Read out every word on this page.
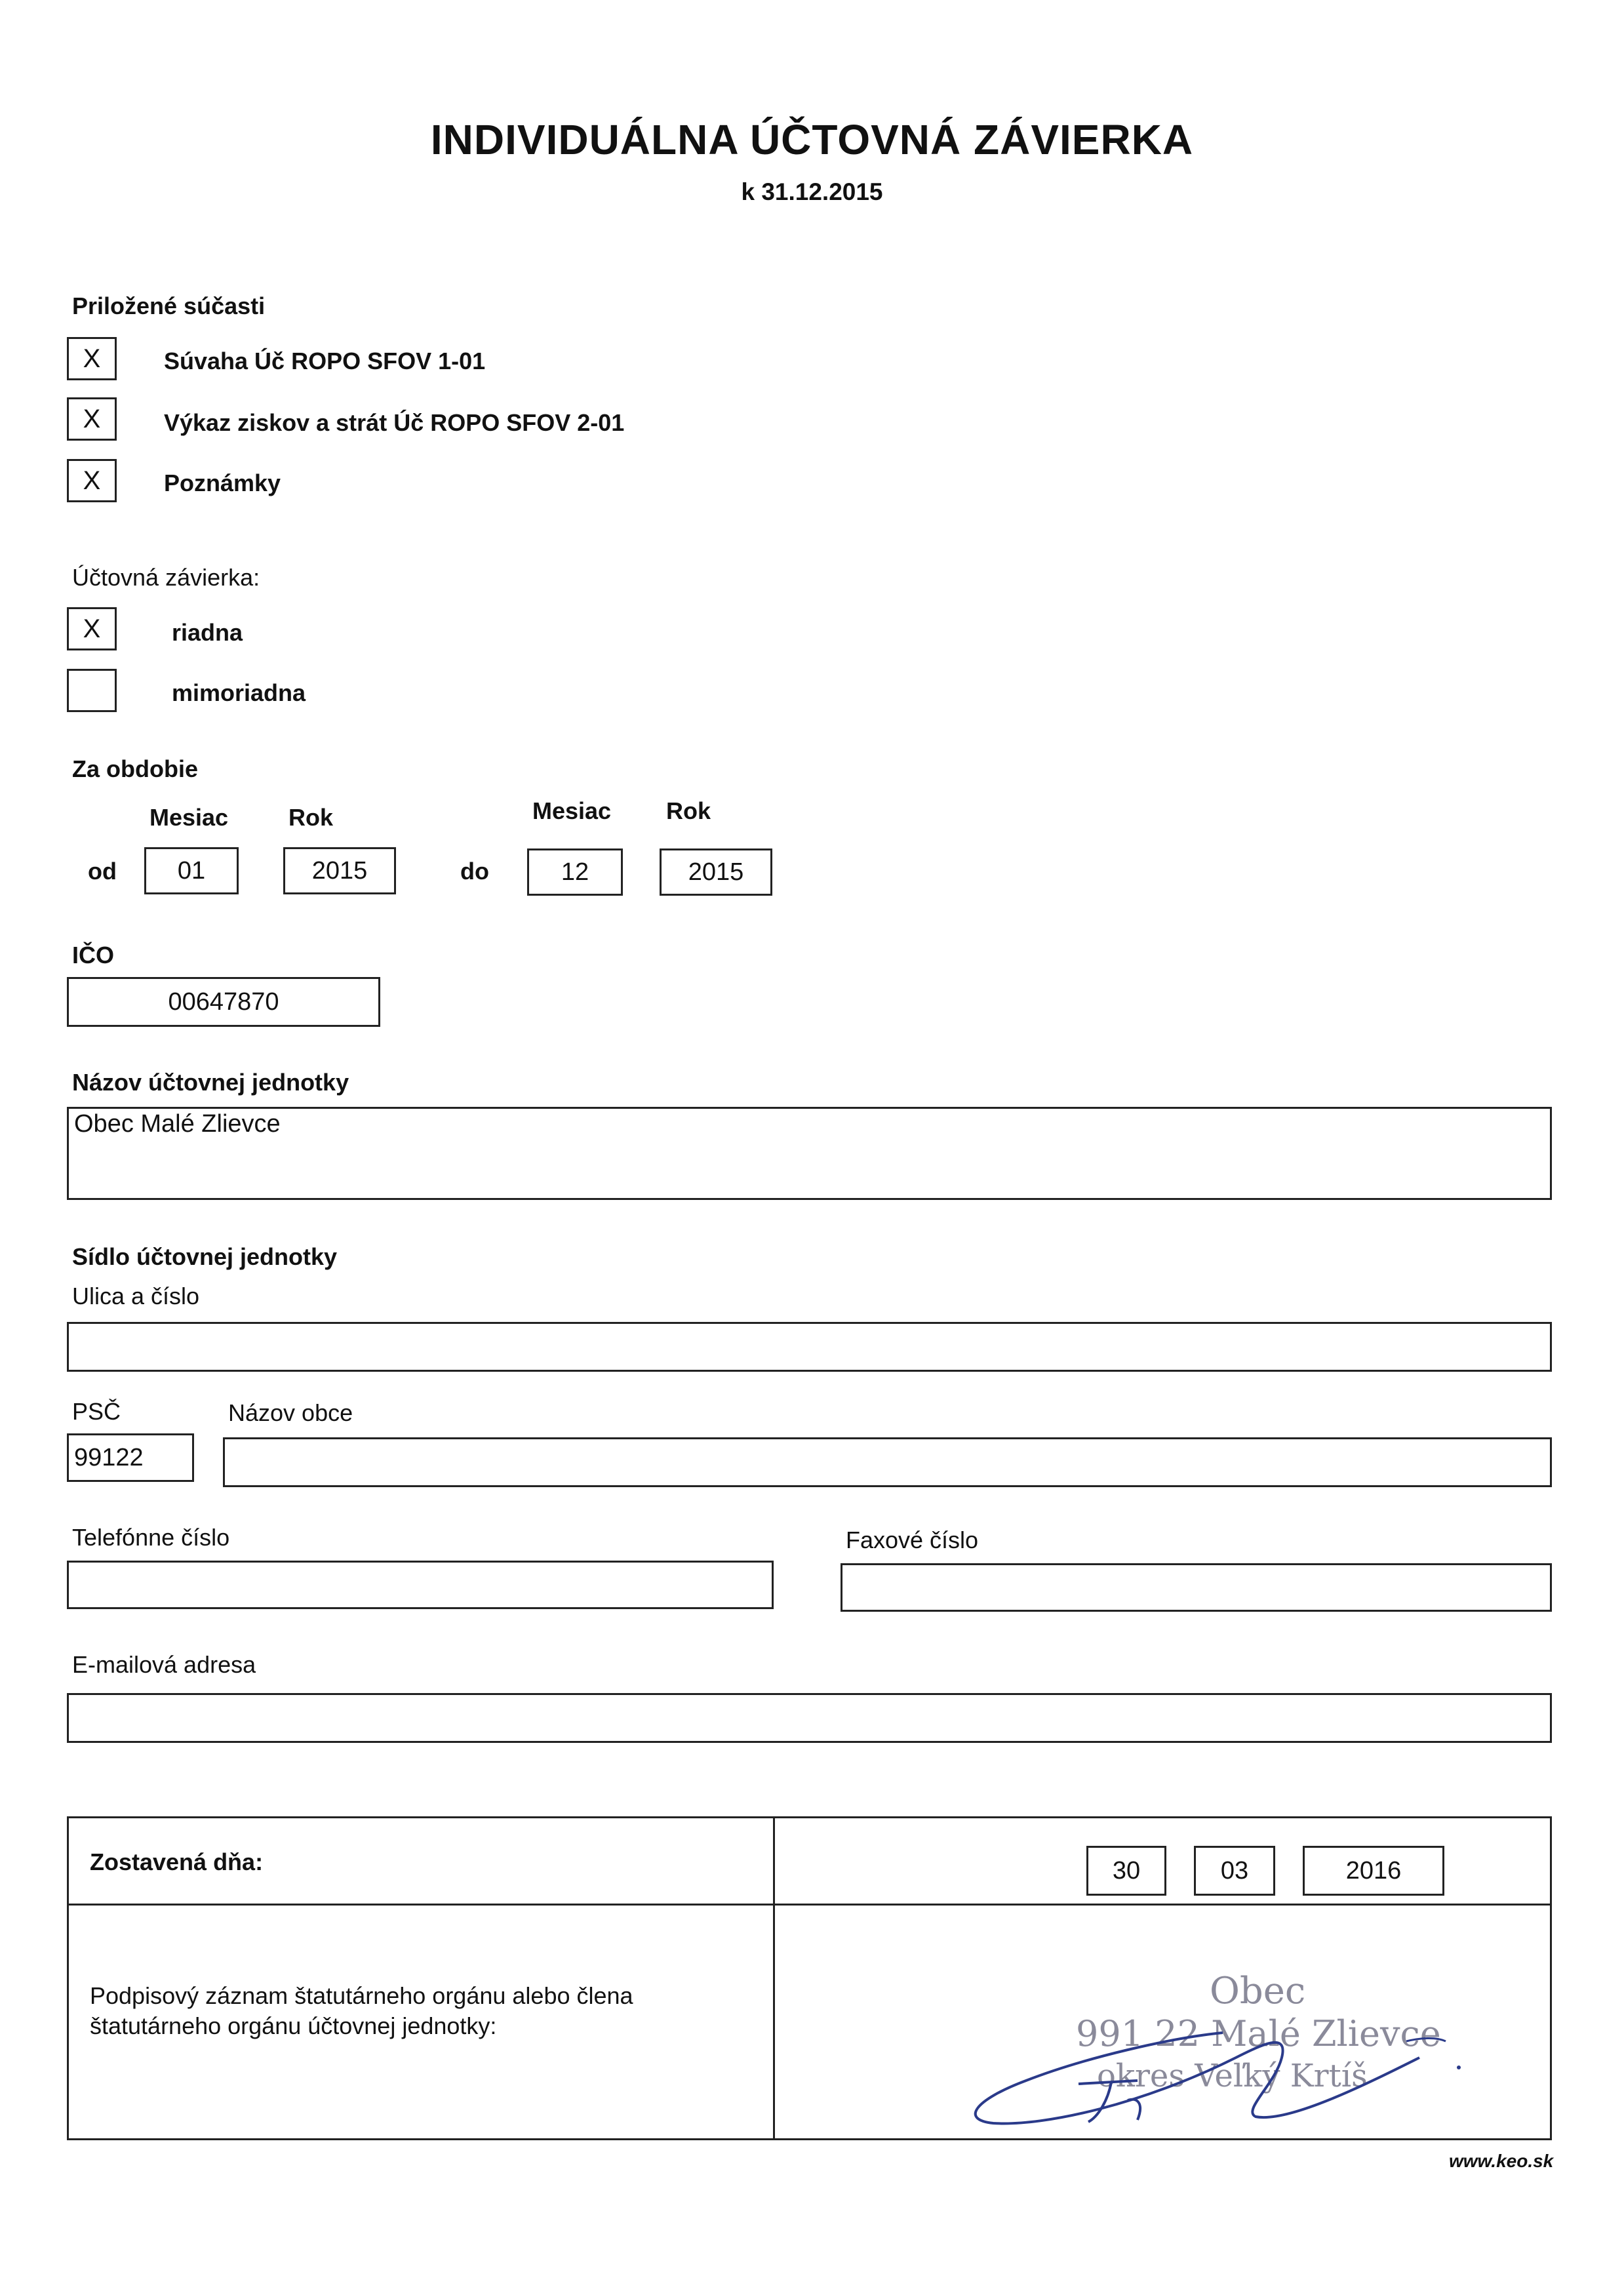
INDIVIDUÁLNA ÚČTOVNÁ ZÁVIERKA
k 31.12.2015
Priložené súčasti
X	Súvaha Úč ROPO SFOV 1-01
X	Výkaz ziskov a strát Úč ROPO SFOV 2-01
X	Poznámky
Účtovná závierka:
X	riadna
mimoriadna
Za obdobie
Mesiac	Rok	Mesiac Rok
od	01	2015	do	12	2015
IČO
00647870
Názov účtovnej jednotky
Obec Malé Zlievce
Sídlo účtovnej jednotky
Ulica a číslo
PSČ	Názov obce
99122
Telefónne číslo	Faxové číslo
E-mailová adresa
Zostavená dňa:	30	03	2016
Podpisový záznam štatutárneho orgánu alebo člena
štatutárneho orgánu účtovnej jednotky:
Obec
991 22 Malé Zlievce
okres Veľký Krtíš
www.keo.sk
